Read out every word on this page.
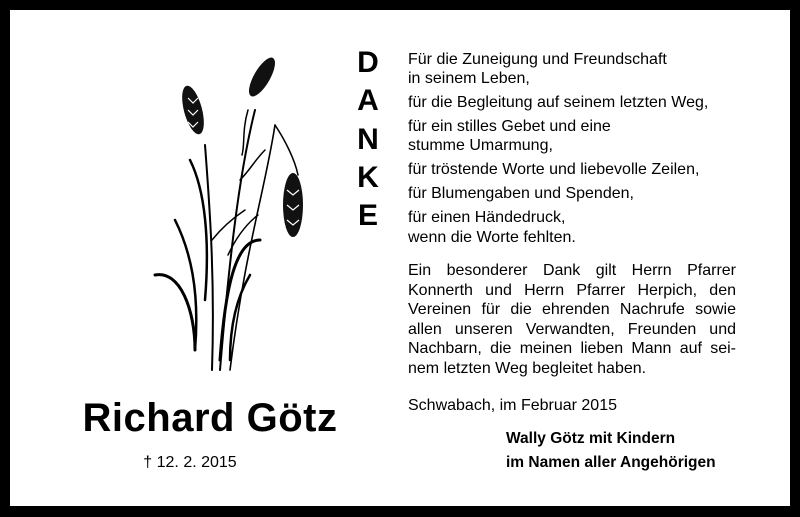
D
A
N
K
E
Für die Zuneigung und Freundschaft
in seinem Leben,
für die Begleitung auf seinem letzten Weg,
für ein stilles Gebet und eine
stumme Umarmung,
für tröstende Worte und liebevolle Zeilen,
für Blumengaben und Spenden,
für einen Händedruck,
wenn die Worte fehlten.
Ein besonderer Dank gilt Herrn Pfarrer Konnerth und Herrn Pfarrer Herpich, den Vereinen für die ehrenden Nachrufe sowie allen unseren Verwandten, Freunden und Nachbarn, die meinen lieben Mann auf seinem letzten Weg begleitet haben.
Schwabach, im Februar 2015
Wally Götz mit Kindern
im Namen aller Angehörigen
Richard Götz
† 12. 2. 2015
